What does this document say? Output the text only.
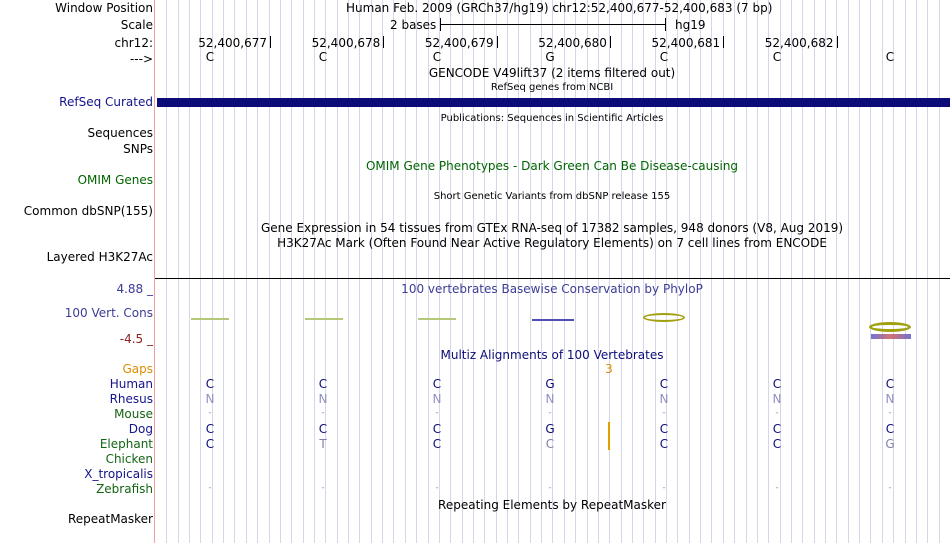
Window Position	Human Feb. 2009 (GRCh37/hg19) chr12:52,400,677-52,400,683 (7 bp)
Scale	2 bases	hg19
chr12:	52,400,677	52,400,678	52,400,679	52,400,680	52,400,681	52,400,682
--->	C	C	C	G	C	C	C
GENCODE V49lift37 (2 items filtered out)
RefSeq genes from NCBI
RefSeq Curated
Publications: Sequences in Scientific Articles
Sequences
SNPs
OMIM Gene Phenotypes - Dark Green Can Be Disease-causing
OMIM Genes
Short Genetic Variants from dbSNP release 155
Common dbSNP(155)
Gene Expression in 54 tissues from GTEx RNA-seq of 17382 samples, 948 donors (V8, Aug 2019)
H3K27Ac Mark (Often Found Near Active Regulatory Elements) on 7 cell lines from ENCODE
Layered H3K27Ac
4.88 _	100 vertebrates Basewise Conservation by PhyloP
100 Vert. Cons
-4.5 _
Multiz Alignments of 100 Vertebrates
Gaps	3
Human	C	C	C	G	C	C	C
Rhesus	N	N	N	N	N	N	N
Mouse	-	-	-	-	-	-	-
Dog	C	C	C	G	C	C	C
Elephant	C	T	C	C	C	C	G
Chicken
X_tropicalis
Zebrafish	-	-	-	-	-	-	-
Repeating Elements by RepeatMasker
RepeatMasker
